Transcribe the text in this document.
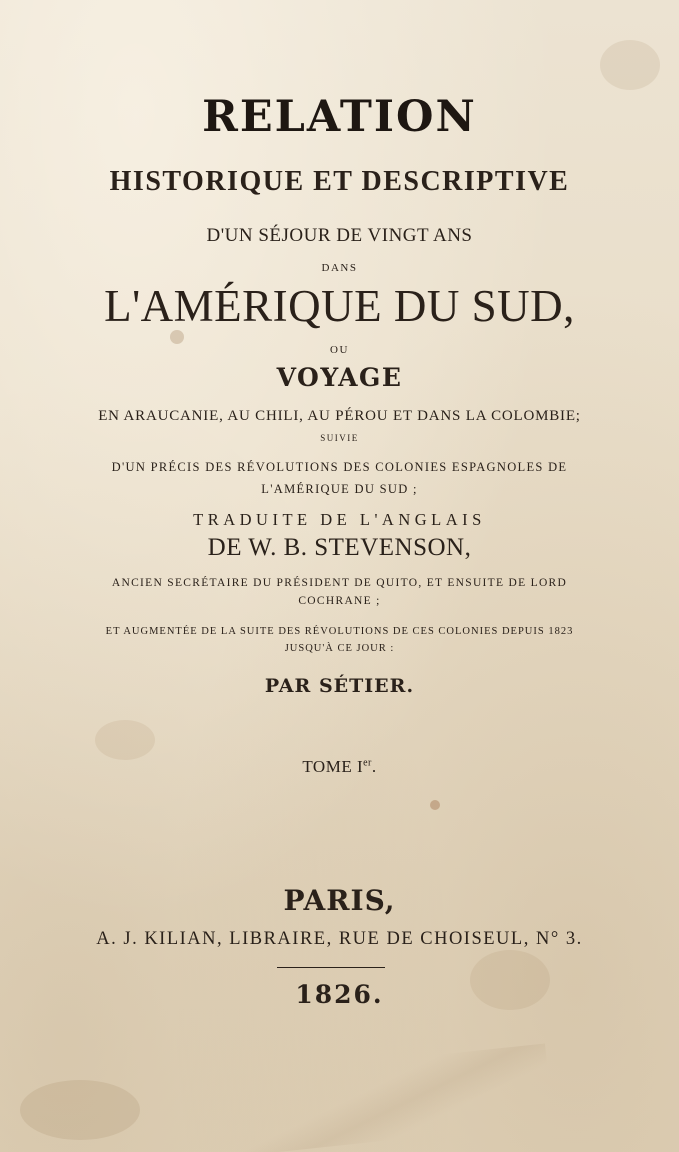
RELATION
HISTORIQUE ET DESCRIPTIVE
D'UN SÉJOUR DE VINGT ANS
DANS
L'AMÉRIQUE DU SUD,
OU
VOYAGE
EN ARAUCANIE, AU CHILI, AU PÉROU ET DANS LA COLOMBIE;
SUIVIE
D'UN PRÉCIS DES RÉVOLUTIONS DES COLONIES ESPAGNOLES DE
L'AMÉRIQUE DU SUD ;
TRADUITE DE L'ANGLAIS
DE W. B. STEVENSON,
ANCIEN SECRÉTAIRE DU PRÉSIDENT DE QUITO, ET ENSUITE DE LORD
COCHRANE ;
ET AUGMENTÉE DE LA SUITE DES RÉVOLUTIONS DE CES COLONIES DEPUIS 1823
JUSQU'À CE JOUR :
PAR SÉTIER.
TOME Ier.
PARIS,
A. J. KILIAN, LIBRAIRE, RUE DE CHOISEUL, N° 3.
1826.
